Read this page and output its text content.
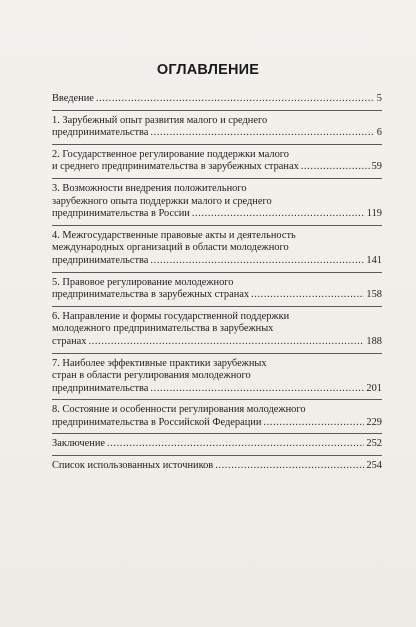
ОГЛАВЛЕНИЕ
Введение .....	5
1. Зарубежный опыт развития малого и среднего
предпринимательства .....	6
2. Государственное регулирование поддержки малого
и среднего предпринимательства в зарубежных странах .....	59
3. Возможности внедрения положительного
зарубежного опыта поддержки малого и среднего
предпринимательства в России .....	119
4. Межгосударственные правовые акты и деятельность
международных организаций в области молодежного
предпринимательства .....	141
5. Правовое регулирование молодежного
предпринимательства в зарубежных странах .....	158
6. Направление и формы государственной поддержки
молодежного предпринимательства в зарубежных
странах .....	188
7. Наиболее эффективные практики зарубежных
стран в области регулирования молодежного
предпринимательства .....	201
8. Состояние и особенности регулирования молодежного
предпринимательства в Российской Федерации .....	229
Заключение .....	252
Список использованных источников .....	254
